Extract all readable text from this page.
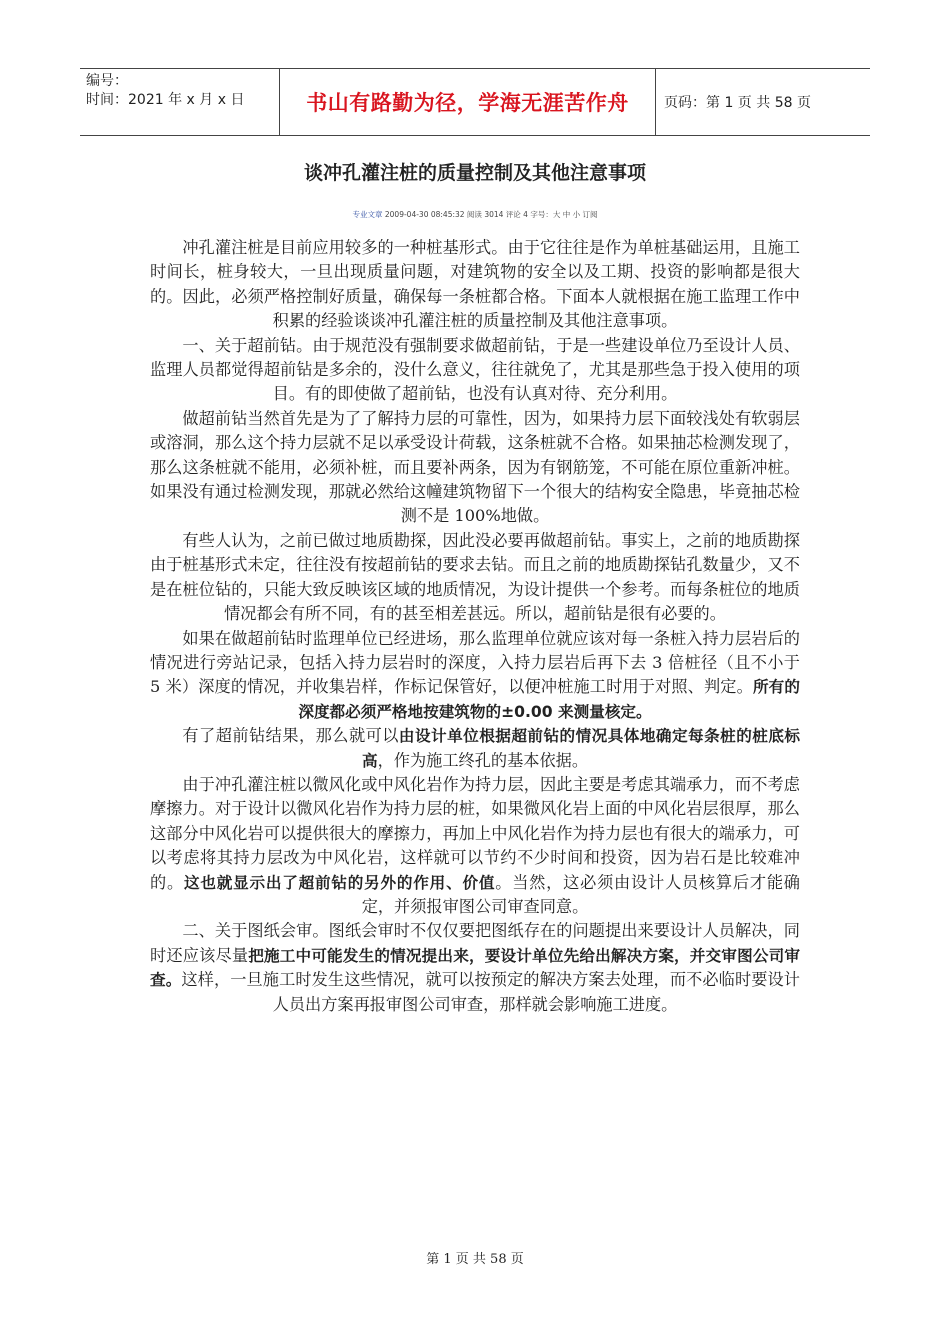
编号：
时间：2021 年 x 月 x 日	书山有路勤为径，学海无涯苦作舟	页码：第 1 页 共 58 页
谈冲孔灌注桩的质量控制及其他注意事项
专业文章 2009-04-30 08:45:32 阅读 3014 评论 4 字号：大 中 小 订阅

冲孔灌注桩是目前应用较多的一种桩基形式。由于它往往是作为单桩基础运用，且施工时间长，桩身较大，一旦出现质量问题，对建筑物的安全以及工期、投资的影响都是很大的。因此，必须严格控制好质量，确保每一条桩都合格。下面本人就根据在施工监理工作中积累的经验谈谈冲孔灌注桩的质量控制及其他注意事项。

一、关于超前钻。由于规范没有强制要求做超前钻，于是一些建设单位乃至设计人员、监理人员都觉得超前钻是多余的，没什么意义，往往就免了，尤其是那些急于投入使用的项目。有的即使做了超前钻，也没有认真对待、充分利用。

做超前钻当然首先是为了了解持力层的可靠性，因为，如果持力层下面较浅处有软弱层或溶洞，那么这个持力层就不足以承受设计荷载，这条桩就不合格。如果抽芯检测发现了，那么这条桩就不能用，必须补桩，而且要补两条，因为有钢筋笼，不可能在原位重新冲桩。如果没有通过检测发现，那就必然给这幢建筑物留下一个很大的结构安全隐患，毕竟抽芯检测不是 100%地做。

有些人认为，之前已做过地质勘探，因此没必要再做超前钻。事实上，之前的地质勘探由于桩基形式未定，往往没有按超前钻的要求去钻。而且之前的地质勘探钻孔数量少，又不是在桩位钻的，只能大致反映该区域的地质情况，为设计提供一个参考。而每条桩位的地质情况都会有所不同，有的甚至相差甚远。所以，超前钻是很有必要的。

如果在做超前钻时监理单位已经进场，那么监理单位就应该对每一条桩入持力层岩后的情况进行旁站记录，包括入持力层岩时的深度，入持力层岩后再下去 3 倍桩径（且不小于 5 米）深度的情况，并收集岩样，作标记保管好，以便冲桩施工时用于对照、判定。所有的深度都必须严格地按建筑物的±0.00 来测量核定。

有了超前钻结果，那么就可以由设计单位根据超前钻的情况具体地确定每条桩的桩底标高，作为施工终孔的基本依据。

由于冲孔灌注桩以微风化或中风化岩作为持力层，因此主要是考虑其端承力，而不考虑摩擦力。对于设计以微风化岩作为持力层的桩，如果微风化岩上面的中风化岩层很厚，那么这部分中风化岩可以提供很大的摩擦力，再加上中风化岩作为持力层也有很大的端承力，可以考虑将其持力层改为中风化岩，这样就可以节约不少时间和投资，因为岩石是比较难冲的。这也就显示出了超前钻的另外的作用、价值。当然，这必须由设计人员核算后才能确定，并须报审图公司审查同意。

二、关于图纸会审。图纸会审时不仅仅要把图纸存在的问题提出来要设计人员解决，同时还应该尽量把施工中可能发生的情况提出来，要设计单位先给出解决方案，并交审图公司审查。这样，一旦施工时发生这些情况，就可以按预定的解决方案去处理，而不必临时要设计人员出方案再报审图公司审查，那样就会影响施工进度。

第 1 页 共 58 页
